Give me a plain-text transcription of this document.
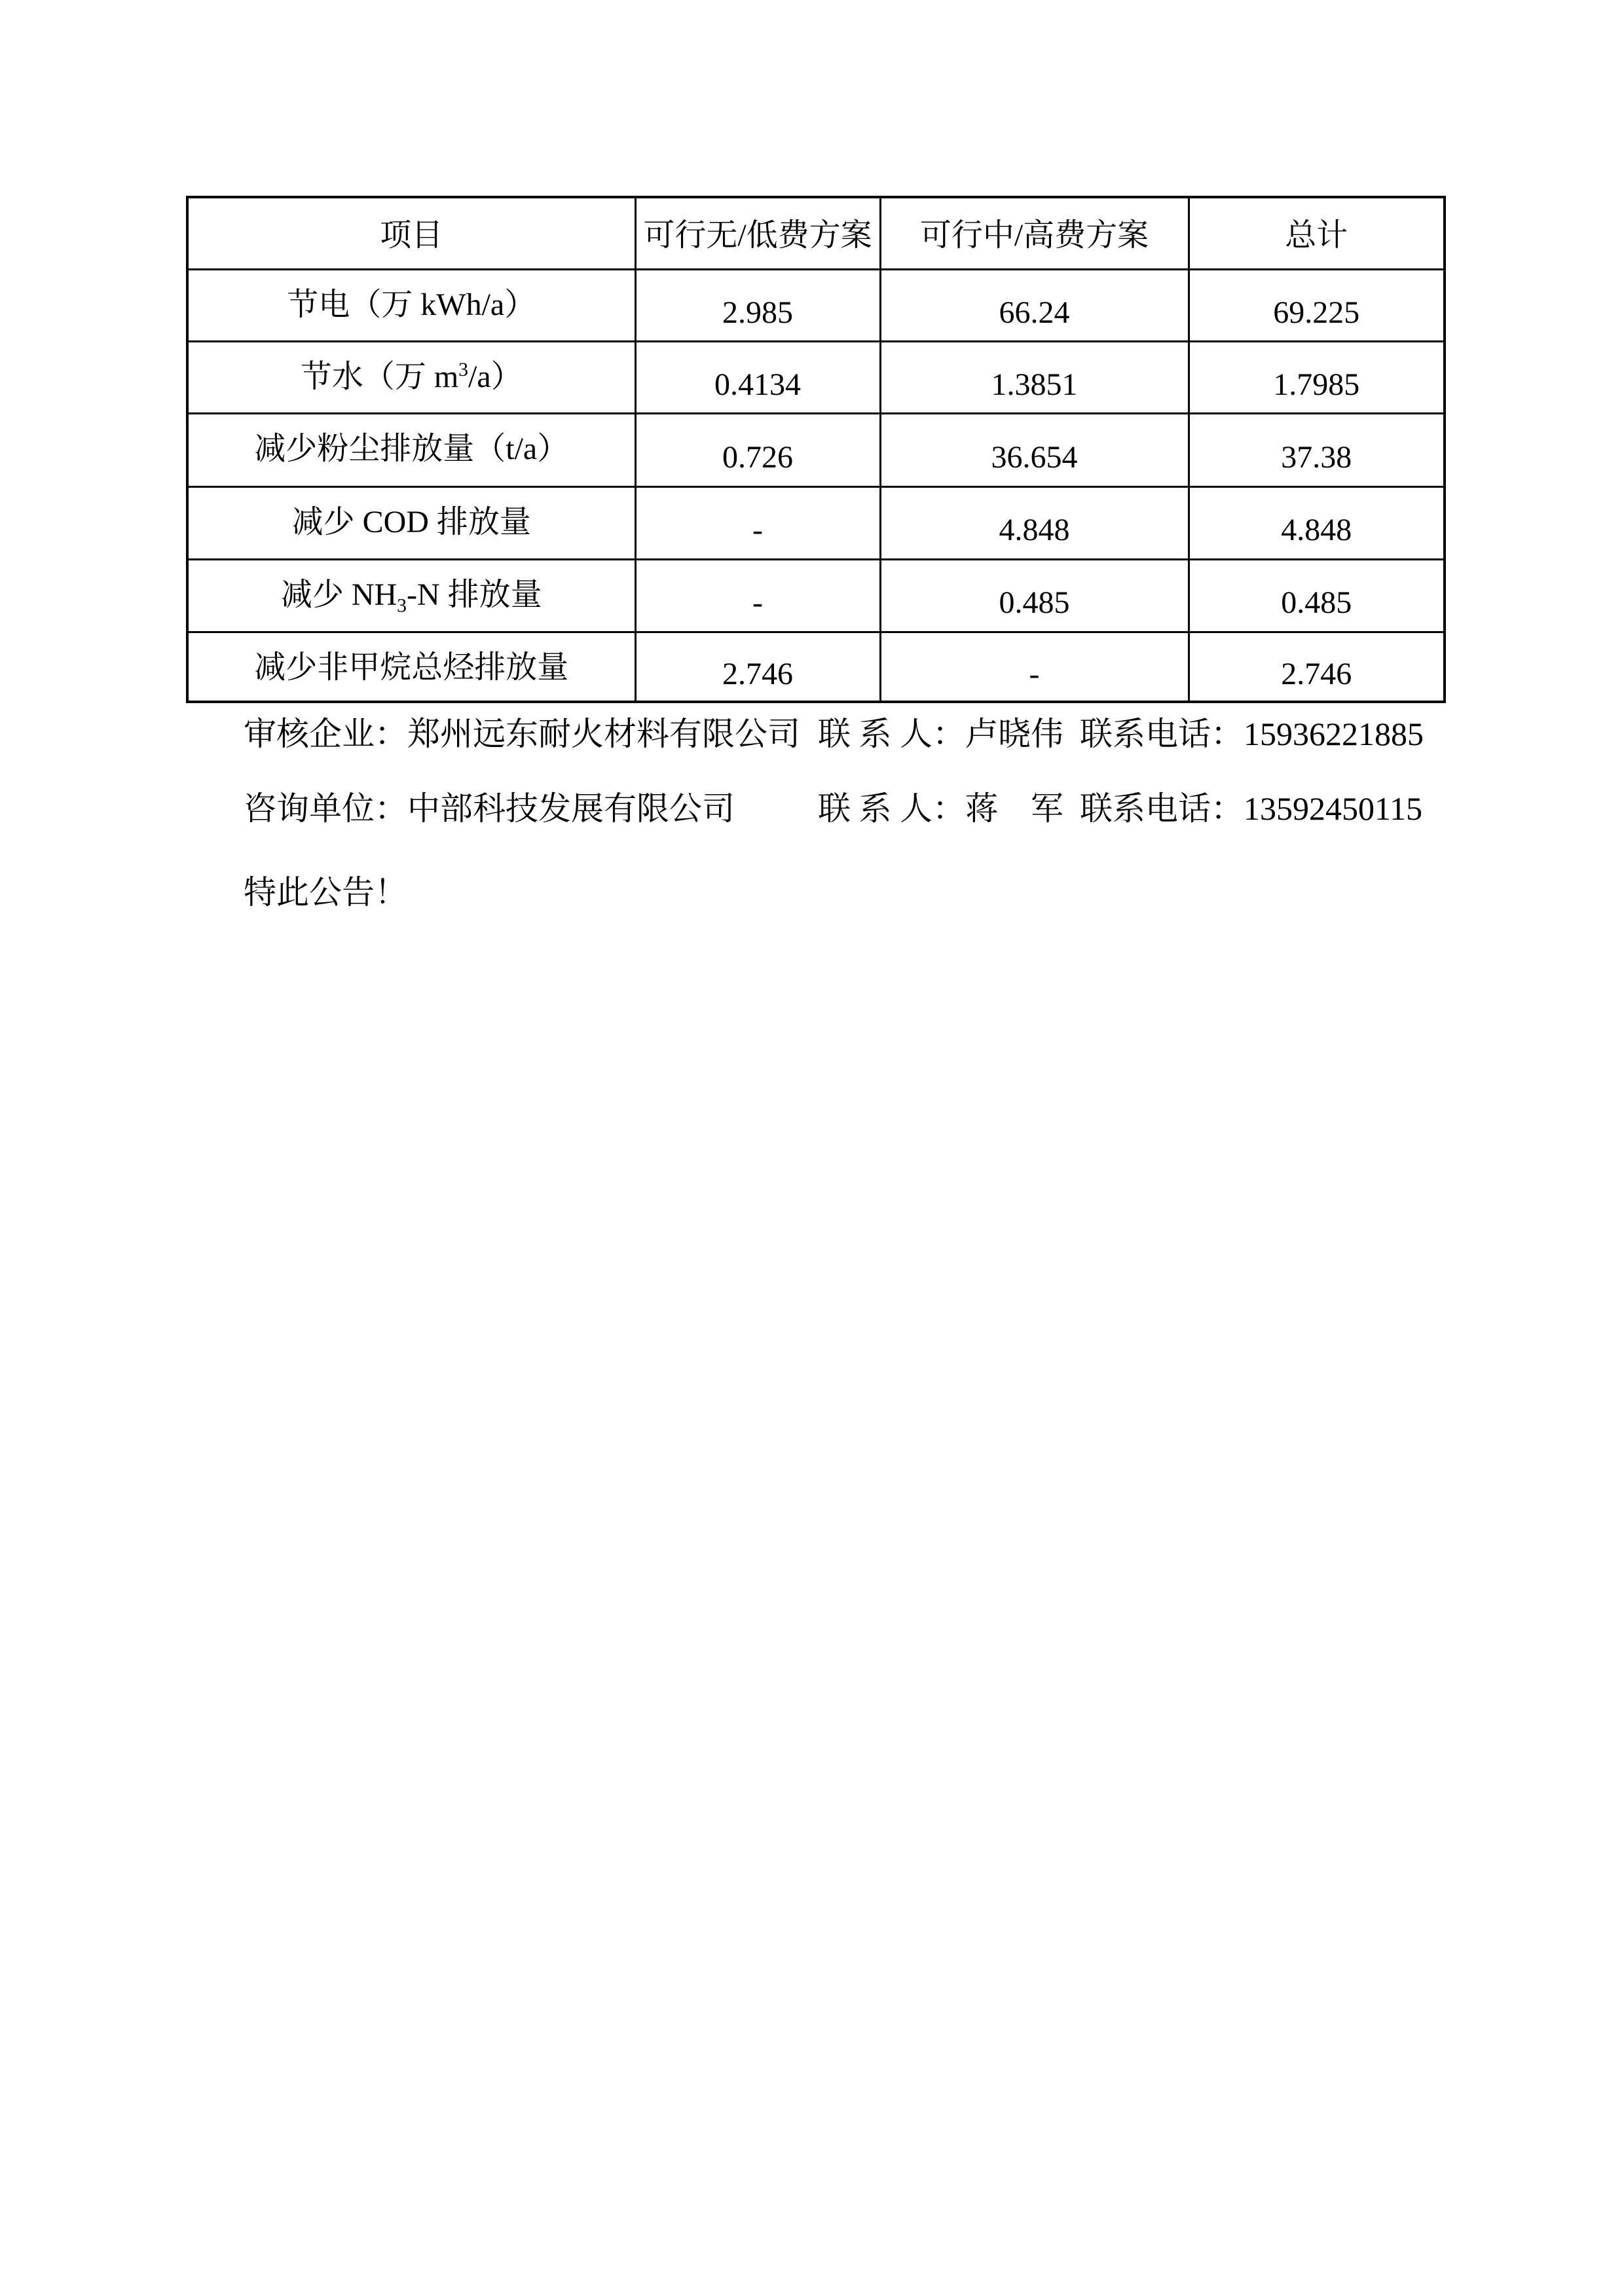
项目	可行无/低费方案	可行中/高费方案	总计

节电（万 kWh/a）	2.985	66.24	69.225

节水（万 $m^3/a$）	0.4134	1.3851	1.7985

减少粉尘排放量（t/a）	0.726	36.654	37.38

减少 COD 排放量	-	4.848	4.848

减少 $NH_3-N$ 排放量	-	0.485	0.485

减少非甲烷总烃排放量	2.746	-	2.746
审核企业：郑州远东耐火材料有限公司 联 系 人：卢晓伟 联系电话：15936221885
咨询单位：中部科技发展有限公司	联 系 人：蒋　军 联系电话：13592450115
特此公告！
